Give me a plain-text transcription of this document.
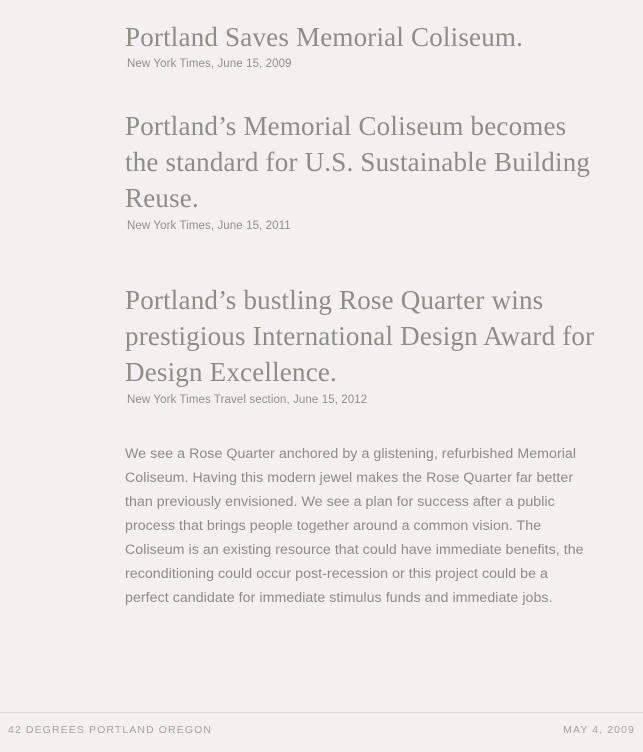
Portland Saves Memorial Coliseum.
New York Times, June 15, 2009
Portland’s Memorial Coliseum becomes the standard for U.S. Sustainable Building Reuse.
New York Times, June 15, 2011
Portland’s bustling Rose Quarter wins prestigious International Design Award for Design Excellence.
New York Times Travel section, June 15, 2012

We see a Rose Quarter anchored by a glistening, refurbished Memorial Coliseum. Having this modern jewel makes the Rose Quarter far better than previously envisioned. We see a plan for success after a public process that brings people together around a common vision. The Coliseum is an existing resource that could have immediate benefits, the reconditioning could occur post-recession or this project could be a perfect candidate for immediate stimulus funds and immediate jobs.

42 DEGREES PORTLAND OREGON	MAY 4, 2009
